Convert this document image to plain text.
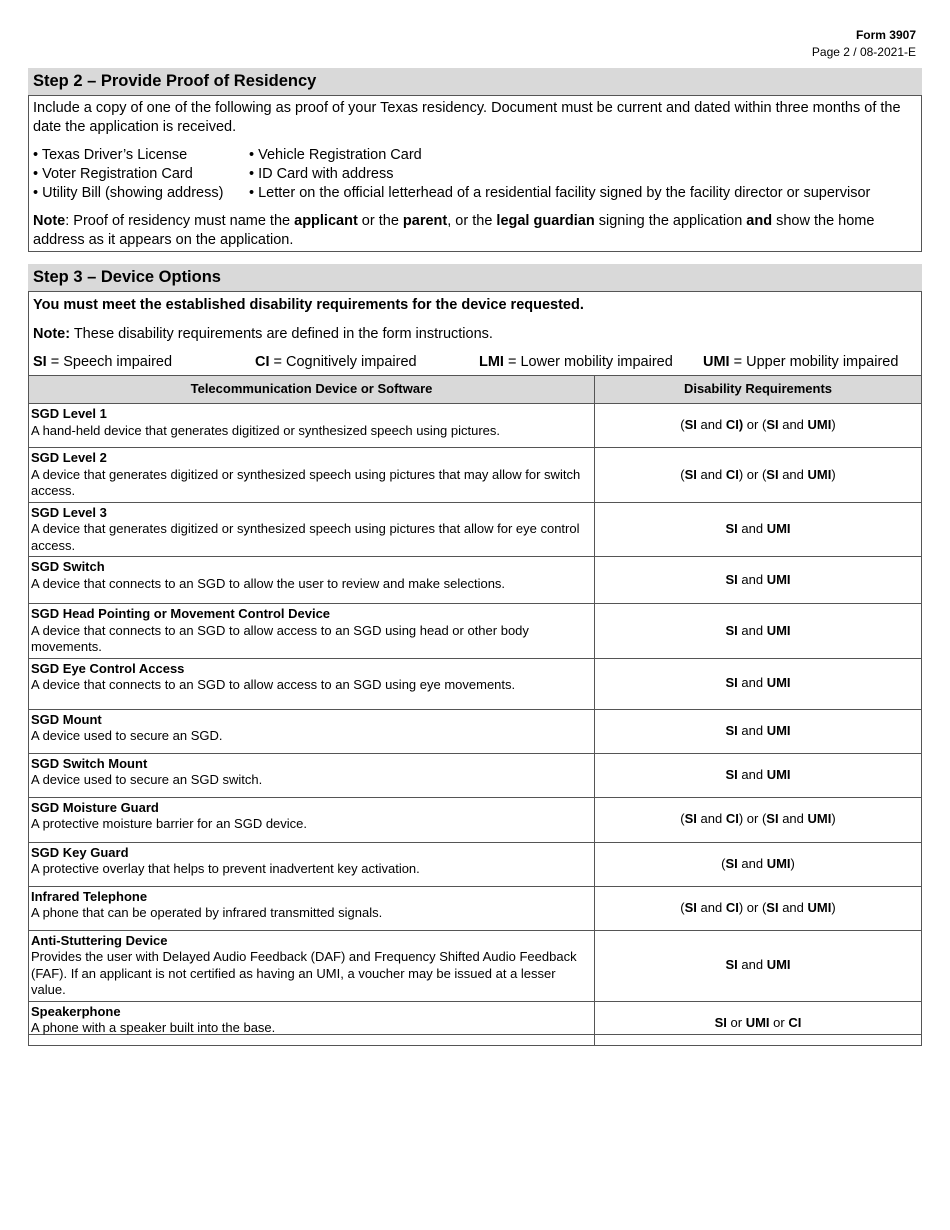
Form 3907
Page 2 / 08-2021-E
Step 2 – Provide Proof of Residency

Include a copy of one of the following as proof of your Texas residency. Document must be current and dated within three months of the date the application is received.

• Texas Driver’s License
• Voter Registration Card
• Utility Bill (showing address)
• Vehicle Registration Card
• ID Card with address
• Letter on the official letterhead of a residential facility signed by the facility director or supervisor

Note: Proof of residency must name the applicant or the parent, or the legal guardian signing the application and show the home address as it appears on the application.

Step 3 – Device Options
You must meet the established disability requirements for the device requested.
Note: These disability requirements are defined in the form instructions.
SI = Speech impaired	CI = Cognitively impaired	LMI = Lower mobility impaired	UMI = Upper mobility impaired
Telecommunication Device or Software	Disability Requirements

SGD Level 1
A hand-held device that generates digitized or synthesized speech using pictures.	(SI and CI) or (SI and UMI)

SGD Level 2
A device that generates digitized or synthesized speech using pictures that may allow for switch access.	(SI and CI) or (SI and UMI)

SGD Level 3
A device that generates digitized or synthesized speech using pictures that allow for eye control access.	SI and UMI

SGD Switch
A device that connects to an SGD to allow the user to review and make selections.	SI and UMI

SGD Head Pointing or Movement Control Device
A device that connects to an SGD to allow access to an SGD using head or other body movements.	SI and UMI

SGD Eye Control Access
A device that connects to an SGD to allow access to an SGD using eye movements.	SI and UMI

SGD Mount
A device used to secure an SGD.	SI and UMI

SGD Switch Mount
A device used to secure an SGD switch.	SI and UMI

SGD Moisture Guard
A protective moisture barrier for an SGD device.	(SI and CI) or (SI and UMI)

SGD Key Guard
A protective overlay that helps to prevent inadvertent key activation.	(SI and UMI)

Infrared Telephone
A phone that can be operated by infrared transmitted signals.	(SI and CI) or (SI and UMI)

Anti-Stuttering Device
Provides the user with Delayed Audio Feedback (DAF) and Frequency Shifted Audio Feedback (FAF). If an applicant is not certified as having an UMI, a voucher may be issued at a lesser value.	SI and UMI

Speakerphone
A phone with a speaker built into the base.	SI or UMI or CI
